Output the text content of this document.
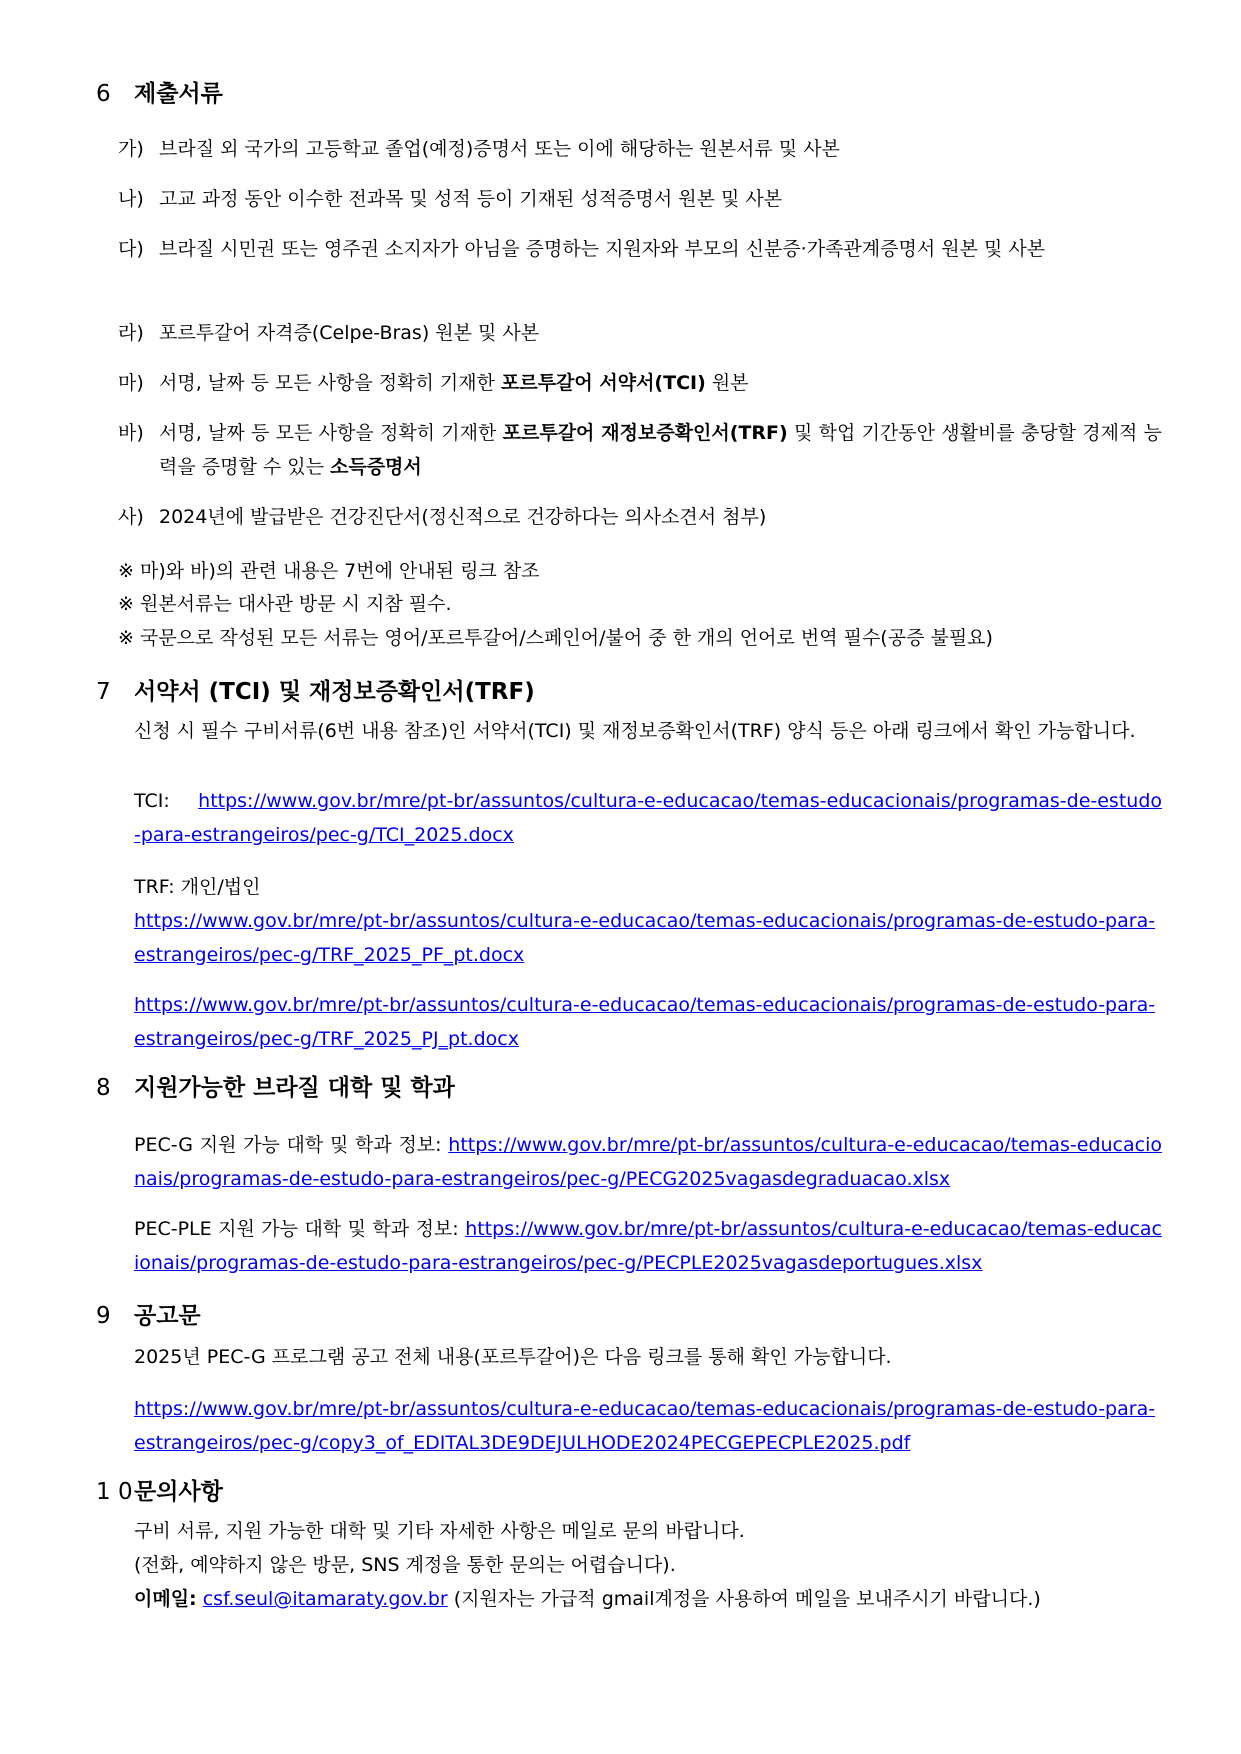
6 제출서류
가) 브라질 외 국가의 고등학교 졸업(예정)증명서 또는 이에 해당하는 원본서류 및 사본
나) 고교 과정 동안 이수한 전과목 및 성적 등이 기재된 성적증명서 원본 및 사본
다) 브라질 시민권 또는 영주권 소지자가 아님을 증명하는 지원자와 부모의 신분증·가족관계증명서 원본 및 사본
라) 포르투갈어 자격증(Celpe-Bras) 원본 및 사본
마) 서명, 날짜 등 모든 사항을 정확히 기재한 포르투갈어 서약서(TCI) 원본
바) 서명, 날짜 등 모든 사항을 정확히 기재한 포르투갈어 재정보증확인서(TRF) 및 학업 기간동안 생활비를 충당할 경제적 능력을 증명할 수 있는 소득증명서
사) 2024년에 발급받은 건강진단서(정신적으로 건강하다는 의사소견서 첨부)
※ 마)와 바)의 관련 내용은 7번에 안내된 링크 참조
※ 원본서류는 대사관 방문 시 지참 필수.
※ 국문으로 작성된 모든 서류는 영어/포르투갈어/스페인어/불어 중 한 개의 언어로 번역 필수(공증 불필요)
7 서약서 (TCI) 및 재정보증확인서(TRF)
신청 시 필수 구비서류(6번 내용 참조)인 서약서(TCI) 및 재정보증확인서(TRF) 양식 등은 아래 링크에서 확인 가능합니다.
TCI: https://www.gov.br/mre/pt-br/assuntos/cultura-e-educacao/temas-educacionais/programas-de-estudo-para-estrangeiros/pec-g/TCI_2025.docx
TRF: 개인/법인
https://www.gov.br/mre/pt-br/assuntos/cultura-e-educacao/temas-educacionais/programas-de-estudo-para-estrangeiros/pec-g/TRF_2025_PF_pt.docx
https://www.gov.br/mre/pt-br/assuntos/cultura-e-educacao/temas-educacionais/programas-de-estudo-para-estrangeiros/pec-g/TRF_2025_PJ_pt.docx
8 지원가능한 브라질 대학 및 학과
PEC-G 지원 가능 대학 및 학과 정보: https://www.gov.br/mre/pt-br/assuntos/cultura-e-educacao/temas-educacionais/programas-de-estudo-para-estrangeiros/pec-g/PECG2025vagasdegraduacao.xlsx
PEC-PLE 지원 가능 대학 및 학과 정보: https://www.gov.br/mre/pt-br/assuntos/cultura-e-educacao/temas-educacionais/programas-de-estudo-para-estrangeiros/pec-g/PECPLE2025vagasdeportugues.xlsx
9 공고문
2025년 PEC-G 프로그램 공고 전체 내용(포르투갈어)은 다음 링크를 통해 확인 가능합니다.
https://www.gov.br/mre/pt-br/assuntos/cultura-e-educacao/temas-educacionais/programas-de-estudo-para-estrangeiros/pec-g/copy3_of_EDITAL3DE9DEJULHODE2024PECGEPECPLE2025.pdf
1 0문의사항
구비 서류, 지원 가능한 대학 및 기타 자세한 사항은 메일로 문의 바랍니다.
(전화, 예약하지 않은 방문, SNS 계정을 통한 문의는 어렵습니다).
이메일: csf.seul@itamaraty.gov.br (지원자는 가급적 gmail계정을 사용하여 메일을 보내주시기 바랍니다.)
